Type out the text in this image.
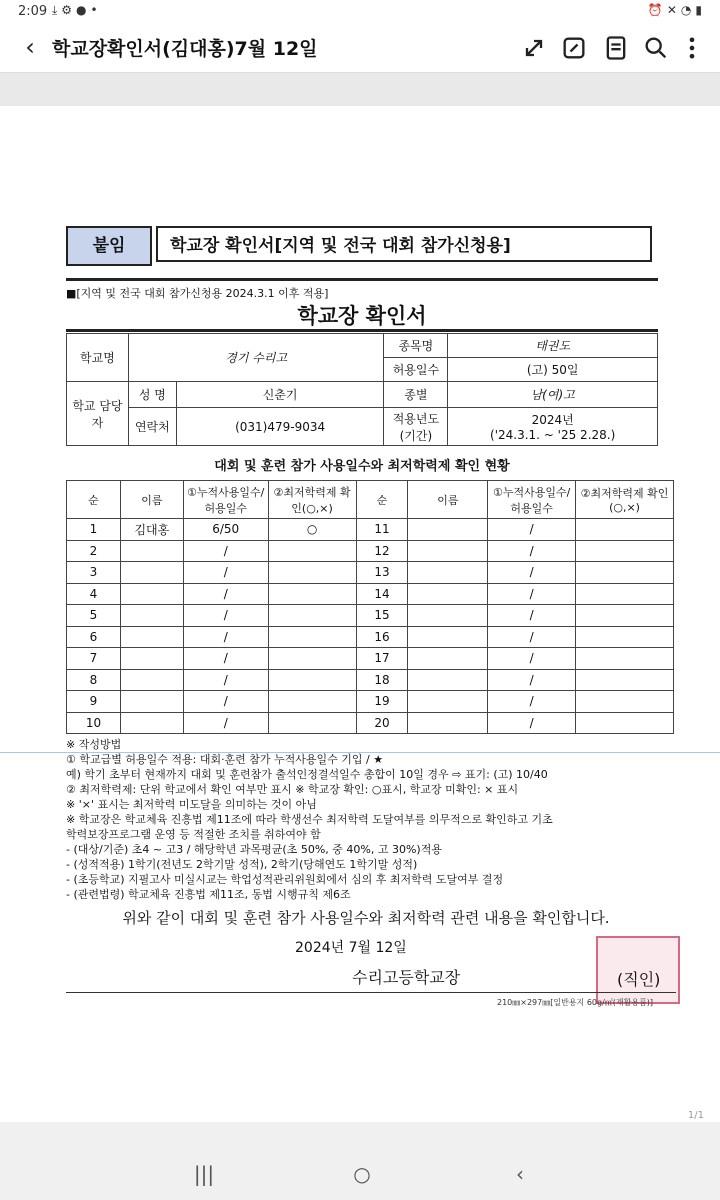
2:09 ⤓⚙●•	⏰✕◔▮
‹ 학교장확인서(김대홍)7월 12일
붙임	학교장 확인서[지역 및 전국 대회 참가신청용]
■[지역 및 전국 대회 참가신청용 2024.3.1 이후 적용]
학교장 확인서
학교명	경기 수리고		종목명	태권도
			허용일수	(고) 50일
학교 담당자	성 명	신춘기	종별	남(여)고
	연락처	(031)479-9034	적용년도 (기간)	2024년
('24.3.1. ~ '25 2.28.)
대회 및 훈련 참가 사용일수와 최저학력제 확인 현황
순	이름	①누적사용일수/허용일수	②최저학력제 확인(○,×)	순	이름	①누적사용일수/허용일수	②최저학력제 확인(○,×)
1	김대홍	6/50	○	11		/	
2		/		12		/	
3		/		13		/	
4		/		14		/	
5		/		15		/	
6		/		16		/	
7		/		17		/	
8		/		18		/	
9		/		19		/	
10		/		20		/	
※ 작성방법
① 학교급별 허용일수 적용: 대회·훈련 참가 누적사용일수 기입 / ★
예) 학기 초부터 현재까지 대회 및 훈련참가 출석인정결석일수 총합이 10일 경우 ⇨ 표기: (고) 10/40
② 최저학력제: 단위 학교에서 확인 여부만 표시 ※ 학교장 확인: ○표시, 학교장 미확인: × 표시
※ '×' 표시는 최저학력 미도달을 의미하는 것이 아님
※ 학교장은 학교체육 진흥법 제11조에 따라 학생선수 최저학력 도달여부를 의무적으로 확인하고 기초
학력보장프로그램 운영 등 적절한 조치를 취하여야 함
- (대상/기준) 초4 ~ 고3 / 해당학년 과목평균(초 50%, 중 40%, 고 30%)적용
- (성적적용) 1학기(전년도 2학기말 성적), 2학기(당해연도 1학기말 성적)
- (초등학교) 지필고사 미실시교는 학업성적관리위원회에서 심의 후 최저학력 도달여부 결정
- (관련법령) 학교체육 진흥법 제11조, 동법 시행규칙 제6조
위와 같이 대회 및 훈련 참가 사용일수와 최저학력 관련 내용을 확인합니다.
2024년 7월 12일
수리고등학교장	(직인)
210㎜×297㎜[일반용지 60g/㎡(재활용품)]
1/1
|||	○	‹
